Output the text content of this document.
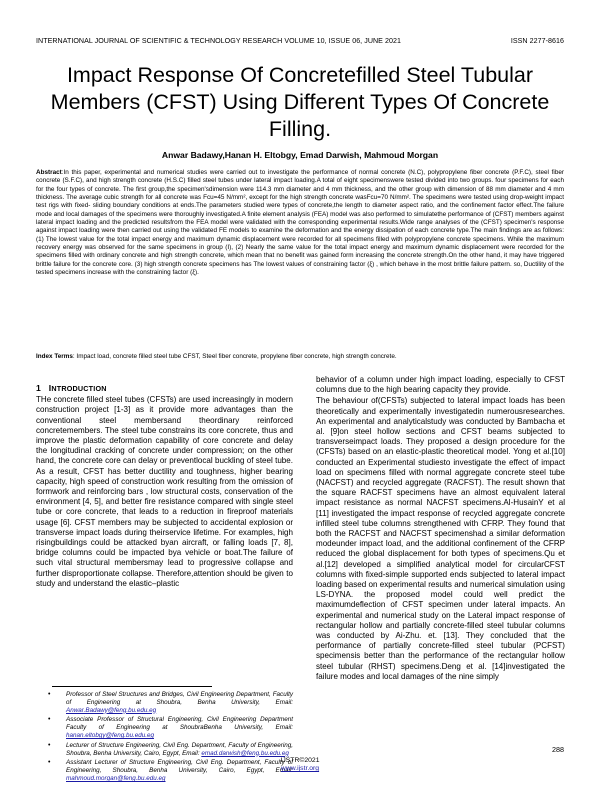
INTERNATIONAL JOURNAL OF SCIENTIFIC & TECHNOLOGY RESEARCH VOLUME 10, ISSUE 06, JUNE 2021	ISSN 2277-8616
Impact Response Of Concretefilled Steel Tubular Members (CFST) Using Different Types Of Concrete Filling.
Anwar Badawy,Hanan H. Eltobgy, Emad Darwish, Mahmoud Morgan
Abstract:In this paper, experimental and numerical studies were carried out to investigate the performance of normal concrete (N.C), polypropylene fiber concrete (P.F.C), steel fiber concrete (S.F.C), and high strength concrete (H.S.C) filled steel tubes under lateral impact loading.A total of eight specimenswere tested divided into two groups. four specimens for each for the four types of concrete. The first group,the specimen'sdimension were 114.3 mm diameter and 4 mm thickness, and the other group with dimension of 88 mm diameter and 4 mm thickness. The average cubic strength for all concrete was Fcu=45 N/mm², except for the high strength concrete wasFcu=70 N/mm². The specimens were tested using drop-weight impact test rigs with fixed- sliding boundary conditions at ends.The parameters studied were types of concrete,the length to diameter aspect ratio, and the confinement factor effect.The failure mode and local damages of the specimens were thoroughly investigated.A finite element analysis (FEA) model was also performed to simulatethe performance of (CFST) members against lateral impact loading and the predicted resultsfrom the FEA model were validated with the corresponding experimental results.Wide range analyses of the (CFST) specimen's response against impact loading were then carried out using the validated FE models to examine the deformation and the energy dissipation of each concrete type.The main findings are as follows: (1) The lowest value for the total impact energy and maximum dynamic displacement were recorded for all specimens filled with polypropylene concrete specimens. While the maximum recovery energy was observed for the same specimens in group (I), (2) Nearly the same value for the total impact energy and maximum dynamic displacement were recorded for the specimens filled with ordinary concrete and high strength concrete, which mean that no benefit was gained form increasing the concrete strength.On the other hand, it may have triggered brittle failure for the concrete core. (3) high strength concrete specimens has The lowest values of constraining factor (ξ) , which behave in the most brittle failure pattern. so, Ductility of the tested specimens increase with the constraining factor (ξ).
Index Terms: Impact load, concrete filled steel tube CFST, Steel fiber concrete, propylene fiber concrete, high strength concrete.
1 INTRODUCTION

THe concrete filled steel tubes (CFSTs) are used increasingly in modern construction project [1-3] as it provide more advantages than the conventional steel membersand theordinary reinforced concretemembers. The steel tube constrains its core concrete, thus and improve the plastic deformation capability of core concrete and delay the longitudinal cracking of concrete under compression; on the other hand, the concrete core can delay or preventlocal buckling of steel tube. As a result, CFST has better ductility and toughness, higher bearing capacity, high speed of construction work resulting from the omission of formwork and reinforcing bars , low structural costs, conservation of the environment [4, 5], and better fire resistance compared with single steel tube or core concrete, that leads to a reduction in fireproof materials usage [6]. CFST members may be subjected to accidental explosion or transverse impact loads during theirservice lifetime. For examples, high risingbuildings could be attacked byan aircraft, or falling loads [7, 8], bridge columns could be impacted bya vehicle or boat.The failure of such vital structural membersmay lead to progressive collapse and further disproportionate collapse. Therefore,attention should be given to study and understand the elastic–plastic

behavior of a column under high impact loading, especially to CFST columns due to the high bearing capacity they provide.

The behaviour of(CFSTs) subjected to lateral impact loads has been theoretically and experimentally investigatedin numerousresearches. An experimental and analyticalstudy was conducted by Bambacha et al. [9]on steel hollow sections and CFST beams subjected to transverseimpact loads. They proposed a design procedure for the (CFSTs) based on an elastic-plastic theoretical model. Yong et al.[10] conducted an Experimental studiesto investigate the effect of impact load on specimens filled with normal aggregate concrete steel tube (NACFST) and recycled aggregate (RACFST). The result shown that the square RACFST specimens have an almost equivalent lateral impact resistance as normal NACFST specimens.Al-HusainY et al [11] investigated the impact response of recycled aggregate concrete infilled steel tube columns strengthened with CFRP. They found that both the RACFST and NACFST specimenshad a similar deformation modeunder impact load, and the additional confinement of the CFRP reduced the global displacement for both types of specimens.Qu et al.[12] developed a simplified analytical model for circularCFST columns with fixed-simple supported ends subjected to lateral impact loading based on experimental results and numerical simulation using LS-DYNA. the proposed model could well predict the maximumdeflection of CFST specimen under lateral impacts. An experimental and numerical study on the Lateral impact response of rectangular hollow and partially concrete-filled steel tubular columns was conducted by Ai-Zhu. et. [13]. They concluded that the performance of partially concrete-filled steel tubular (PCFST) specimensis better than the performance of the rectangular hollow steel tubular (RHST) specimens.Deng et al. [14]investigated the failure modes and local damages of the nine simply

• Professor of Steel Structures and Bridges, Civil Engineering Department, Faculty of Engineering at Shoubra, Benha University, Email: Anwar.Badawy@feng.bu.edu.eg
• Associate Professor of Structural Engineering, Civil Engineering Department Faculty of Engineering at ShoubraBenha University, Email: hanan.eltobgy@feng.bu.edu.eg
• Lecturer of Structure Engineering, Civil Eng. Department, Faculty of Engineering, Shoubra, Benha University, Cairo, Egypt, Email: emad.darwish@feng.bu.edu.eg
• Assistant Lecturer of Structure Engineering, Civil Eng. Department, Faculty of Engineering, Shoubra, Benha University, Cairo, Egypt, Email: mahmoud.morgan@feng.bu.edu.eg
288
IJSTR©2021
www.ijstr.org
